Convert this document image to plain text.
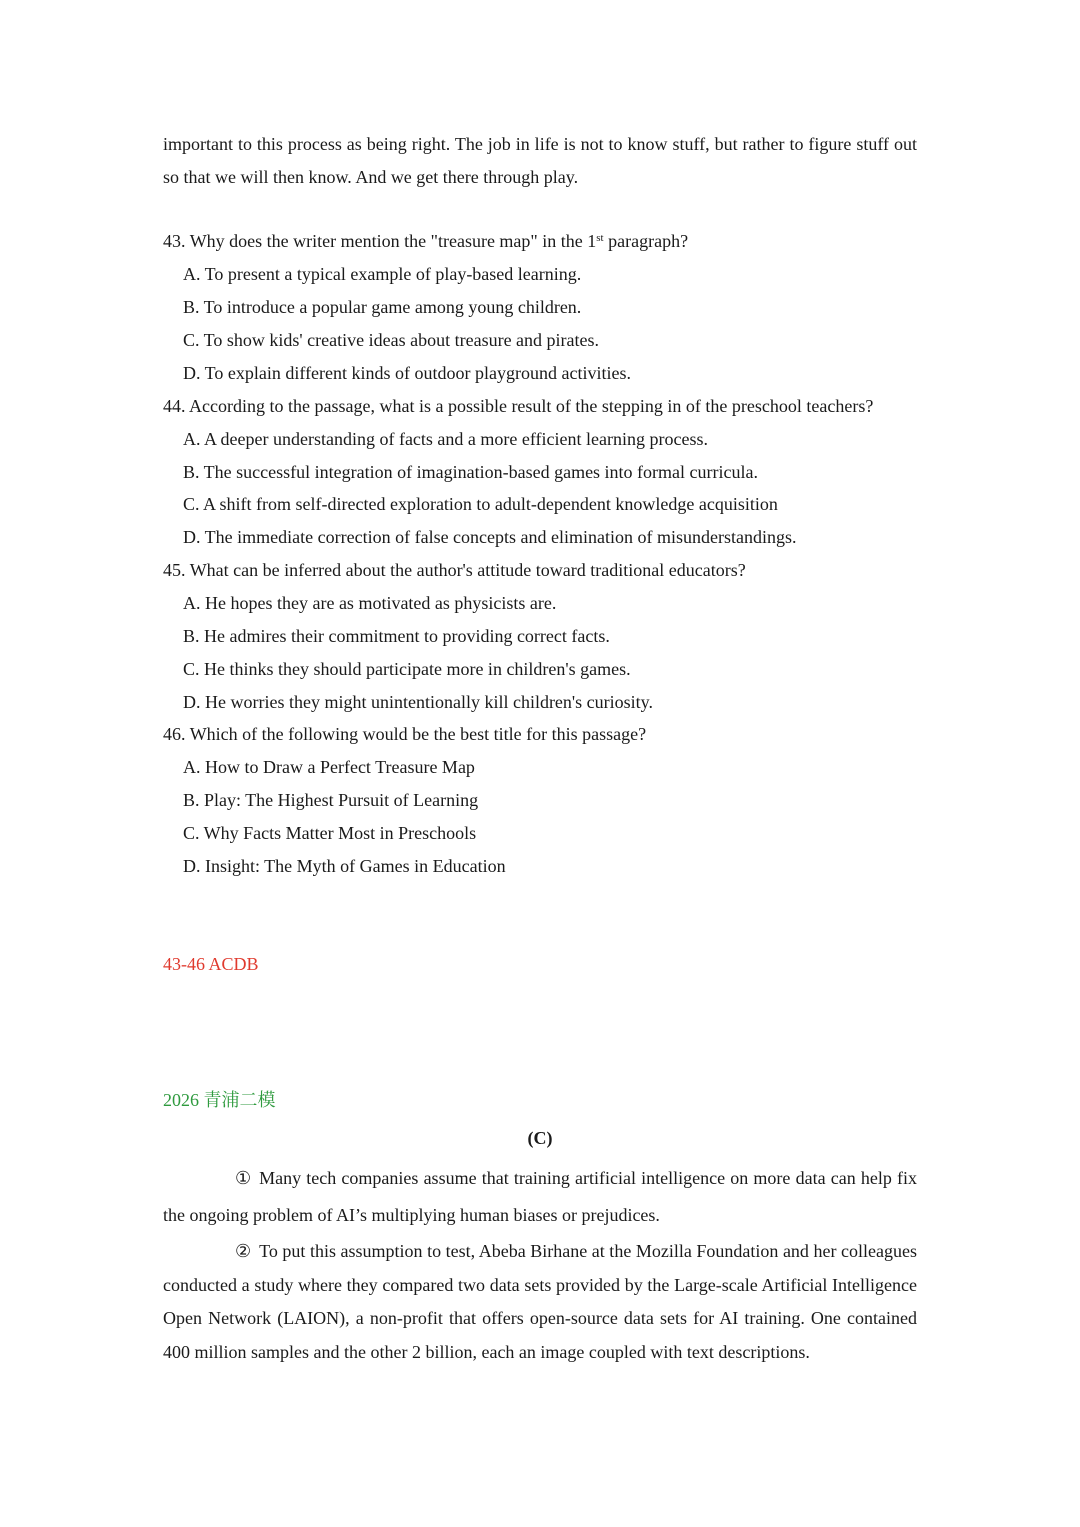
important to this process as being right. The job in life is not to know stuff, but rather to figure stuff out so that we will then know. And we get there through play.
43. Why does the writer mention the "treasure map" in the 1st paragraph?
A. To present a typical example of play-based learning.
B. To introduce a popular game among young children.
C. To show kids' creative ideas about treasure and pirates.
D. To explain different kinds of outdoor playground activities.
44. According to the passage, what is a possible result of the stepping in of the preschool teachers?
A. A deeper understanding of facts and a more efficient learning process.
B. The successful integration of imagination-based games into formal curricula.
C. A shift from self-directed exploration to adult-dependent knowledge acquisition
D. The immediate correction of false concepts and elimination of misunderstandings.
45. What can be inferred about the author's attitude toward traditional educators?
A. He hopes they are as motivated as physicists are.
B. He admires their commitment to providing correct facts.
C. He thinks they should participate more in children's games.
D. He worries they might unintentionally kill children's curiosity.
46. Which of the following would be the best title for this passage?
A. How to Draw a Perfect Treasure Map
B. Play: The Highest Pursuit of Learning
C. Why Facts Matter Most in Preschools
D. Insight: The Myth of Games in Education
43-46 ACDB
2026 青浦二模
(C)
① Many tech companies assume that training artificial intelligence on more data can help fix the ongoing problem of AI’s multiplying human biases or prejudices.
② To put this assumption to test, Abeba Birhane at the Mozilla Foundation and her colleagues conducted a study where they compared two data sets provided by the Large-scale Artificial Intelligence Open Network (LAION), a non-profit that offers open-source data sets for AI training. One contained 400 million samples and the other 2 billion, each an image coupled with text descriptions.
